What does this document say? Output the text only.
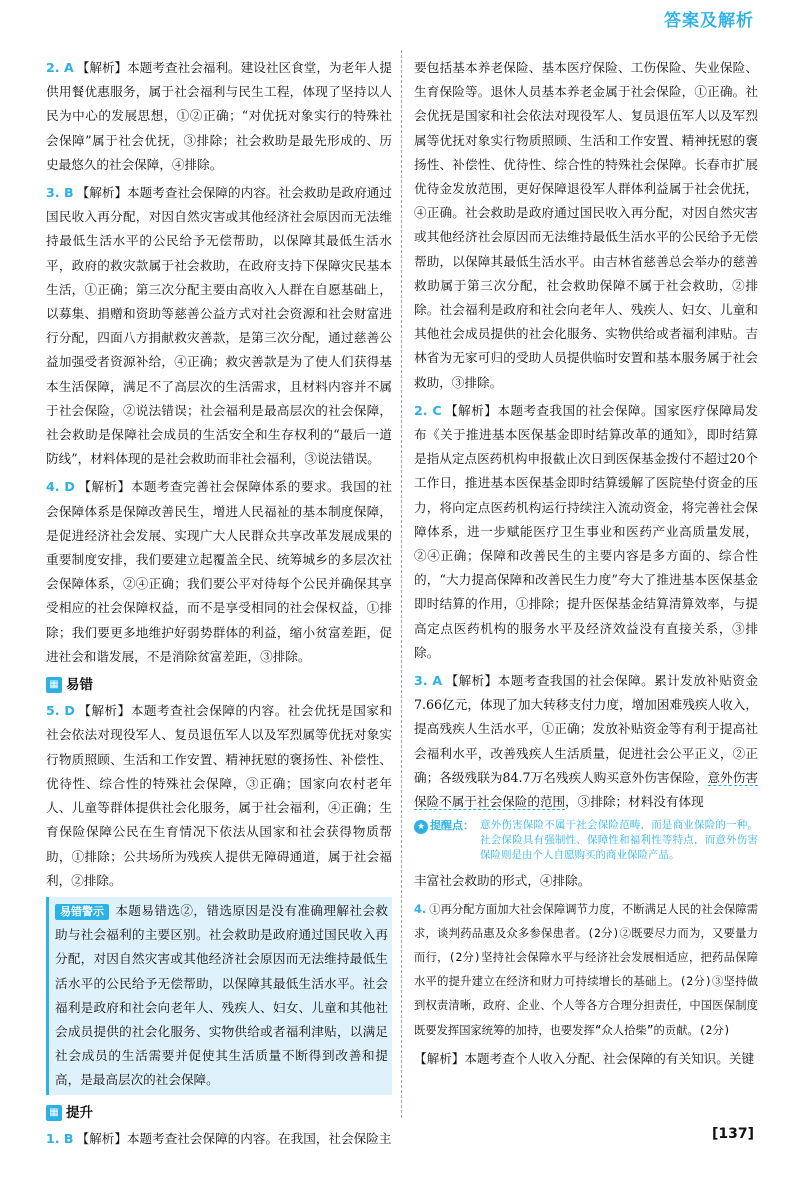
答案及解析

2. A 【解析】本题考查社会福利。建设社区食堂，为老年人提供用餐优惠服务，属于社会福利与民生工程，体现了坚持以人民为中心的发展思想，①②正确；“对优抚对象实行的特殊社会保障”属于社会优抚，③排除；社会救助是最先形成的、历史最悠久的社会保障，④排除。

3. B 【解析】本题考查社会保障的内容。社会救助是政府通过国民收入再分配，对因自然灾害或其他经济社会原因而无法维持最低生活水平的公民给予无偿帮助，以保障其最低生活水平，政府的救灾款属于社会救助，在政府支持下保障灾民基本生活，①正确；第三次分配主要由高收入人群在自愿基础上，以募集、捐赠和资助等慈善公益方式对社会资源和社会财富进行分配，四面八方捐献救灾善款，是第三次分配，通过慈善公益加强受者资源补给，④正确；救灾善款是为了使人们获得基本生活保障，满足不了高层次的生活需求，且材料内容并不属于社会保险，②说法错误；社会福利是最高层次的社会保障，社会救助是保障社会成员的生活安全和生存权利的“最后一道防线”，材料体现的是社会救助而非社会福利，③说法错误。

4. D 【解析】本题考查完善社会保障体系的要求。我国的社会保障体系是保障改善民生，增进人民福祉的基本制度保障，是促进经济社会发展、实现广大人民群众共享改革发展成果的重要制度安排，我们要建立起覆盖全民、统筹城乡的多层次社会保障体系，②④正确；我们要公平对待每个公民并确保其享受相应的社会保障权益，而不是享受相同的社会保权益，①排除；我们要更多地维护好弱势群体的利益，缩小贫富差距，促进社会和谐发展，不是消除贫富差距，③排除。

▦ 易错

5. D 【解析】本题考查社会保障的内容。社会优抚是国家和社会依法对现役军人、复员退伍军人以及军烈属等优抚对象实行物质照顾、生活和工作安置、精神抚慰的褒扬性、补偿性、优待性、综合性的特殊社会保障，③正确；国家向农村老年人、儿童等群体提供社会化服务，属于社会福利，④正确；生育保险保障公民在生育情况下依法从国家和社会获得物质帮助，①排除；公共场所为残疾人提供无障碍通道，属于社会福利，②排除。

易错警示 本题易错选②，错选原因是没有准确理解社会救助与社会福利的主要区别。社会救助是政府通过国民收入再分配，对因自然灾害或其他经济社会原因而无法维持最低生活水平的公民给予无偿帮助，以保障其最低生活水平。社会福利是政府和社会向老年人、残疾人、妇女、儿童和其他社会成员提供的社会化服务、实物供给或者福利津贴，以满足社会成员的生活需要并促使其生活质量不断得到改善和提高，是最高层次的社会保障。
▦ 提升

1. B 【解析】本题考查社会保障的内容。在我国，社会保险主

要包括基本养老保险、基本医疗保险、工伤保险、失业保险、生育保险等。退休人员基本养老金属于社会保险，①正确。社会优抚是国家和社会依法对现役军人、复员退伍军人以及军烈属等优抚对象实行物质照顾、生活和工作安置、精神抚慰的褒扬性、补偿性、优待性、综合性的特殊社会保障。长春市扩展优待金发放范围，更好保障退役军人群体利益属于社会优抚，④正确。社会救助是政府通过国民收入再分配，对因自然灾害或其他经济社会原因而无法维持最低生活水平的公民给予无偿帮助，以保障其最低生活水平。由吉林省慈善总会举办的慈善救助属于第三次分配，社会救助保障不属于社会救助，②排除。社会福利是政府和社会向老年人、残疾人、妇女、儿童和其他社会成员提供的社会化服务、实物供给或者福利津贴。吉林省为无家可归的受助人员提供临时安置和基本服务属于社会救助，③排除。

2. C 【解析】本题考查我国的社会保障。国家医疗保障局发布《关于推进基本医保基金即时结算改革的通知》，即时结算是指从定点医药机构申报截止次日到医保基金拨付不超过20个工作日，推进基本医保基金即时结算缓解了医院垫付资金的压力，将向定点医药机构运行持续注入流动资金，将完善社会保障体系，进一步赋能医疗卫生事业和医药产业高质量发展，②④正确；保障和改善民生的主要内容是多方面的、综合性的，“大力提高保障和改善民生力度”夸大了推进基本医保基金即时结算的作用，①排除；提升医保基金结算清算效率，与提高定点医药机构的服务水平及经济效益没有直接关系，③排除。

3. A 【解析】本题考查我国的社会保障。累计发放补贴资金7.66亿元，体现了加大转移支付力度，增加困难残疾人收入，提高残疾人生活水平，①正确；发放补贴资金等有利于提高社会福利水平，改善残疾人生活质量，促进社会公平正义，②正确；各级残联为84.7万名残疾人购买意外伤害保险，意外伤害保险不属于社会保险的范围，③排除；材料没有体现

★ 提醒点： 意外伤害保险不属于社会保险范畴，而是商业保险的一种。社会保险具有强制性、保障性和福利性等特点，而意外伤害保险则是由个人自愿购买的商业保险产品。

丰富社会救助的形式，④排除。

4. ①再分配方面加大社会保障调节力度，不断满足人民的社会保障需求，谈判药品惠及众多参保患者。(2分)②既要尽力而为，又要量力而行，(2分)坚持社会保障水平与经济社会发展相适应，把药品保障水平的提升建立在经济和财力可持续增长的基础上。(2分)③坚持做到权责清晰，政府、企业、个人等各方合理分担责任，中国医保制度既要发挥国家统筹的加持，也要发挥“众人拾柴”的贡献。(2分)

【解析】本题考查个人收入分配、社会保障的有关知识。关键

[137]
